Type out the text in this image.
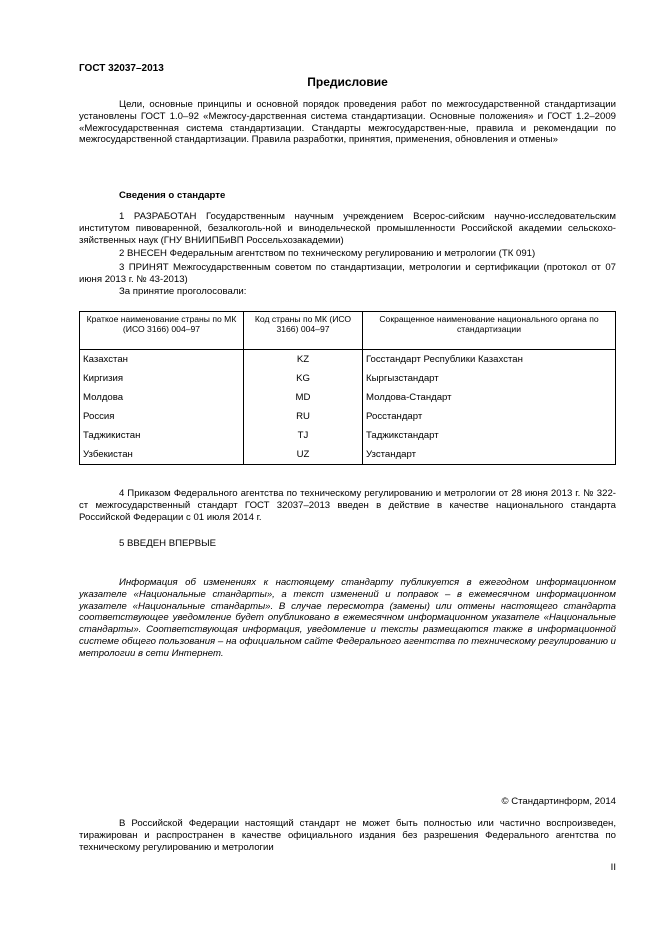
ГОСТ 32037–2013
Предисловие

Цели, основные принципы и основной порядок проведения работ по межгосударственной стандартизации установлены ГОСТ 1.0–92 «Межгосу-дарственная система стандартизации. Основные положения» и ГОСТ 1.2–2009 «Межгосударственная система стандартизации. Стандарты межгосударствен-ные, правила и рекомендации по межгосударственной стандартизации. Правила разработки, принятия, применения, обновления и отмены»

Сведения о стандарте

1 РАЗРАБОТАН Государственным научным учреждением Всерос-сийским научно-исследовательским институтом пивоваренной, безалкоголь-ной и винодельческой промышленности Российской академии сельскохо-зяйственных наук (ГНУ ВНИИПБиВП Россельхозакадемии)

2 ВНЕСЕН Федеральным агентством по техническому регулированию и метрологии (ТК 091)

3 ПРИНЯТ Межгосударственным советом по стандартизации, метрологии и сертификации (протокол от 07 июня 2013 г. № 43-2013)

За принятие проголосовали:

Краткое наименование страны по МК (ИСО 3166) 004–97	Код страны по МК (ИСО 3166) 004–97	Сокращенное наименование национального органа по стандартизации
Казахстан	KZ	Госстандарт Республики Казахстан
Киргизия	KG	Кыргызстандарт
Молдова	MD	Молдова-Стандарт
Россия	RU	Росстандарт
Таджикистан	TJ	Таджикстандарт
Узбекистан	UZ	Узстандарт

4 Приказом Федерального агентства по техническому регулированию и метрологии от 28 июня 2013 г. № 322-ст межгосударственный стандарт ГОСТ 32037–2013 введен в действие в качестве национального стандарта Российской Федерации с 01 июля 2014 г.

5 ВВЕДЕН ВПЕРВЫЕ

Информация об изменениях к настоящему стандарту публикуется в ежегодном информационном указателе «Национальные стандарты», а текст изменений и поправок – в ежемесячном информационном указателе «Национальные стандарты». В случае пересмотра (замены) или отмены настоящего стандарта соответствующее уведомление будет опубликовано в ежемесячном информационном указателе «Национальные стандарты». Соответствующая информация, уведомление и тексты размещаются также в информационной системе общего пользования – на официальном сайте Федерального агентства по техническому регулированию и метрологии в сети Интернет.

© Стандартинформ, 2014

В Российской Федерации настоящий стандарт не может быть полностью или частично воспроизведен, тиражирован и распространен в качестве официального издания без разрешения Федерального агентства по техническому регулированию и метрологии

II
